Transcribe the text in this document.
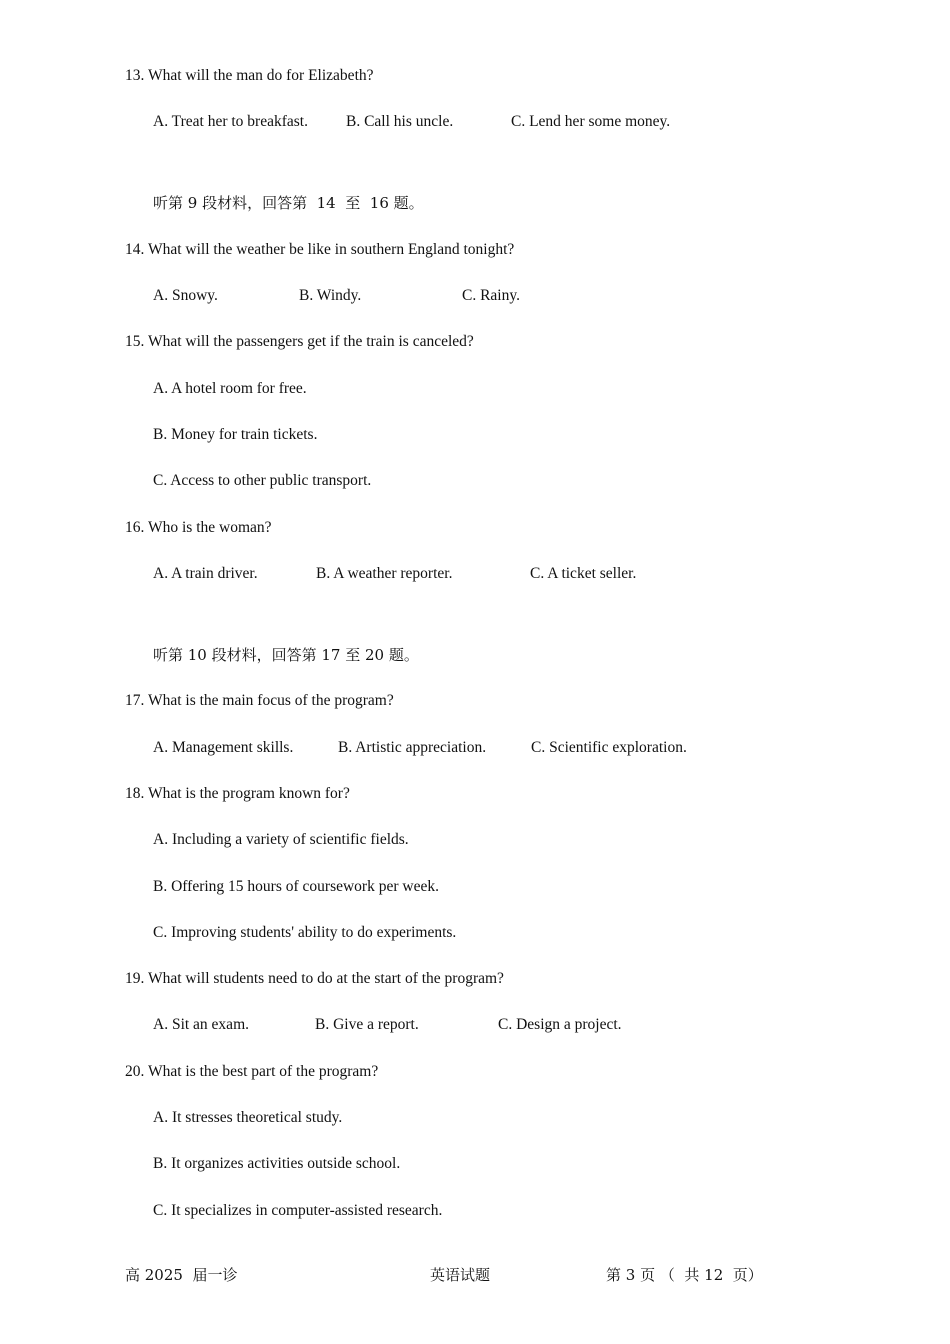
13. What will the man do for Elizabeth?
A. Treat her to breakfast. B. Call his uncle.	C. Lend her some money.
听第 9 段材料，回答第  14  至  16 题。
14. What will the weather be like in southern England tonight?
A. Snowy.	B. Windy.	C. Rainy.
15. What will the passengers get if the train is canceled?
A. A hotel room for free.
B. Money for train tickets.
C. Access to other public transport.
16. Who is the woman?
A. A train driver.	B. A weather reporter.	C. A ticket seller.
听第 10 段材料，回答第 17 至 20 题。
17. What is the main focus of the program?
A. Management skills.	B. Artistic appreciation.	C. Scientific exploration.
18. What is the program known for?
A. Including a variety of scientific fields.
B. Offering 15 hours of coursework per week.
C. Improving students' ability to do experiments.
19. What will students need to do at the start of the program?
A. Sit an exam.	B. Give a report.	C. Design a project.
20. What is the best part of the program?
A. It stresses theoretical study.
B. It organizes activities outside school.
C. It specializes in computer-assisted research.
高 2025  届一诊	英语试题	第 3 页 （  共 12  页）
